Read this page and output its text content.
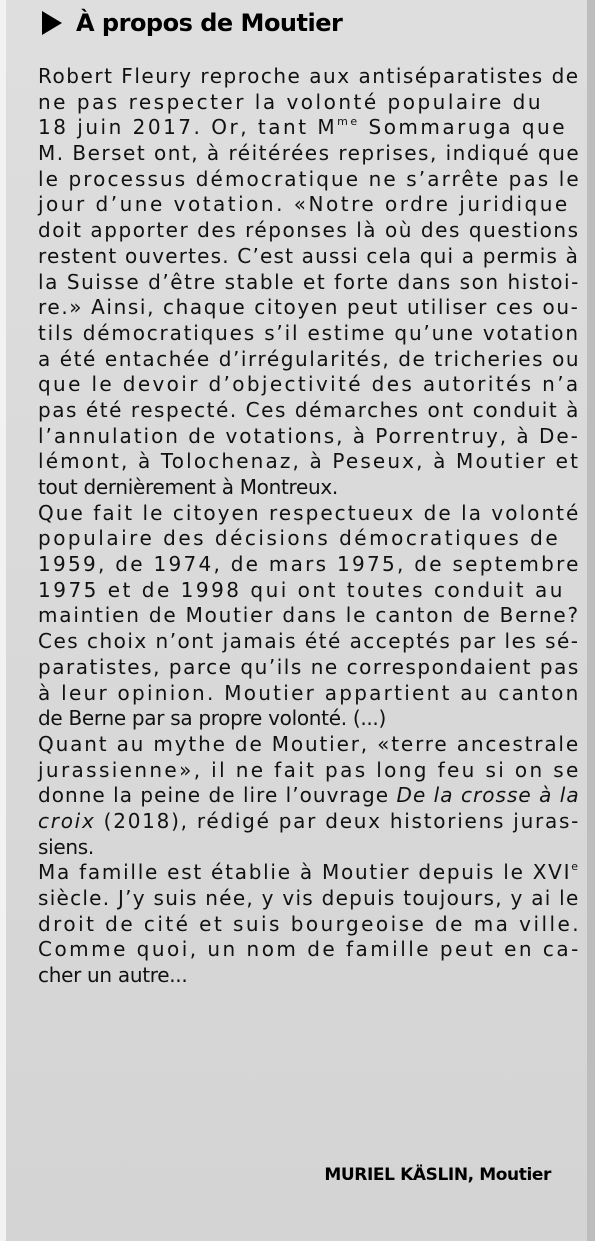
À propos de Moutier
Robert Fleury reproche aux antiséparatistes de
ne pas respecter la volonté populaire du
18 juin 2017. Or, tant $M^{me}$ Sommaruga que
M. Berset ont, à réitérées reprises, indiqué que
le processus démocratique ne s’arrête pas le
jour d’une votation. «Notre ordre juridique
doit apporter des réponses là où des questions
restent ouvertes. C’est aussi cela qui a permis à
la Suisse d’être stable et forte dans son histoi-
re.» Ainsi, chaque citoyen peut utiliser ces ou-
tils démocratiques s’il estime qu’une votation
a été entachée d’irrégularités, de tricheries ou
que le devoir d’objectivité des autorités n’a
pas été respecté. Ces démarches ont conduit à
l’annulation de votations, à Porrentruy, à De-
lémont, à Tolochenaz, à Peseux, à Moutier et
tout dernièrement à Montreux.
Que fait le citoyen respectueux de la volonté
populaire des décisions démocratiques de
1959, de 1974, de mars 1975, de septembre
1975 et de 1998 qui ont toutes conduit au
maintien de Moutier dans le canton de Berne?
Ces choix n’ont jamais été acceptés par les sé-
paratistes, parce qu’ils ne correspondaient pas
à leur opinion. Moutier appartient au canton
de Berne par sa propre volonté. (...)
Quant au mythe de Moutier, «terre ancestrale
jurassienne», il ne fait pas long feu si on se
donne la peine de lire l’ouvrage De la crosse à la
croix (2018), rédigé par deux historiens juras-
siens.
Ma famille est établie à Moutier depuis le XVIe
siècle. J’y suis née, y vis depuis toujours, y ai le
droit de cité et suis bourgeoise de ma ville.
Comme quoi, un nom de famille peut en ca-
cher un autre...
MURIEL KÄSLIN, Moutier
